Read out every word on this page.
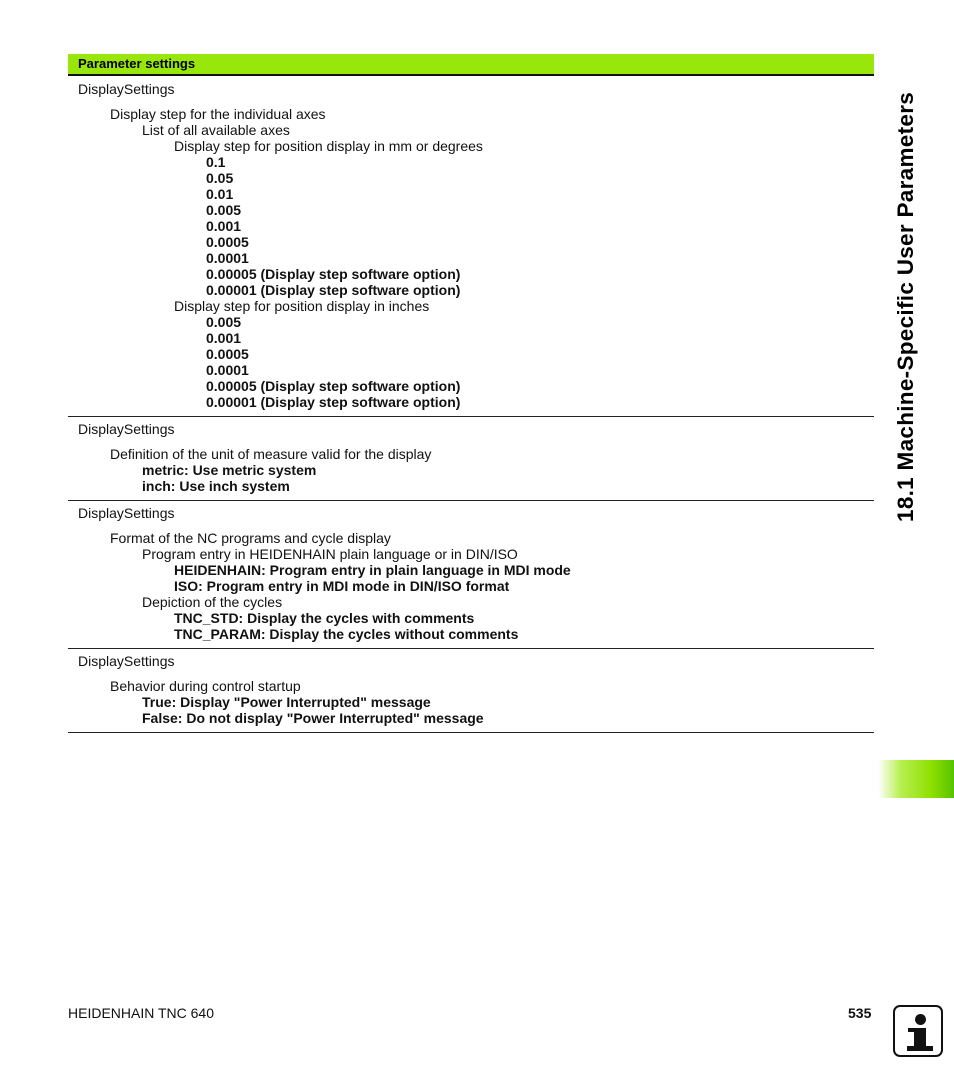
Parameter settings
DisplaySettings
Display step for the individual axes
List of all available axes
Display step for position display in mm or degrees
0.1
0.05
0.01
0.005
0.001
0.0005
0.0001
0.00005 (Display step software option)
0.00001 (Display step software option)
Display step for position display in inches
0.005
0.001
0.0005
0.0001
0.00005 (Display step software option)
0.00001 (Display step software option)
DisplaySettings
Definition of the unit of measure valid for the display
metric: Use metric system
inch: Use inch system
DisplaySettings
Format of the NC programs and cycle display
Program entry in HEIDENHAIN plain language or in DIN/ISO
HEIDENHAIN: Program entry in plain language in MDI mode
ISO: Program entry in MDI mode in DIN/ISO format
Depiction of the cycles
TNC_STD: Display the cycles with comments
TNC_PARAM: Display the cycles without comments
DisplaySettings
Behavior during control startup
True: Display "Power Interrupted" message
False: Do not display "Power Interrupted" message
18.1 Machine-Specific User Parameters
HEIDENHAIN TNC 640	535
